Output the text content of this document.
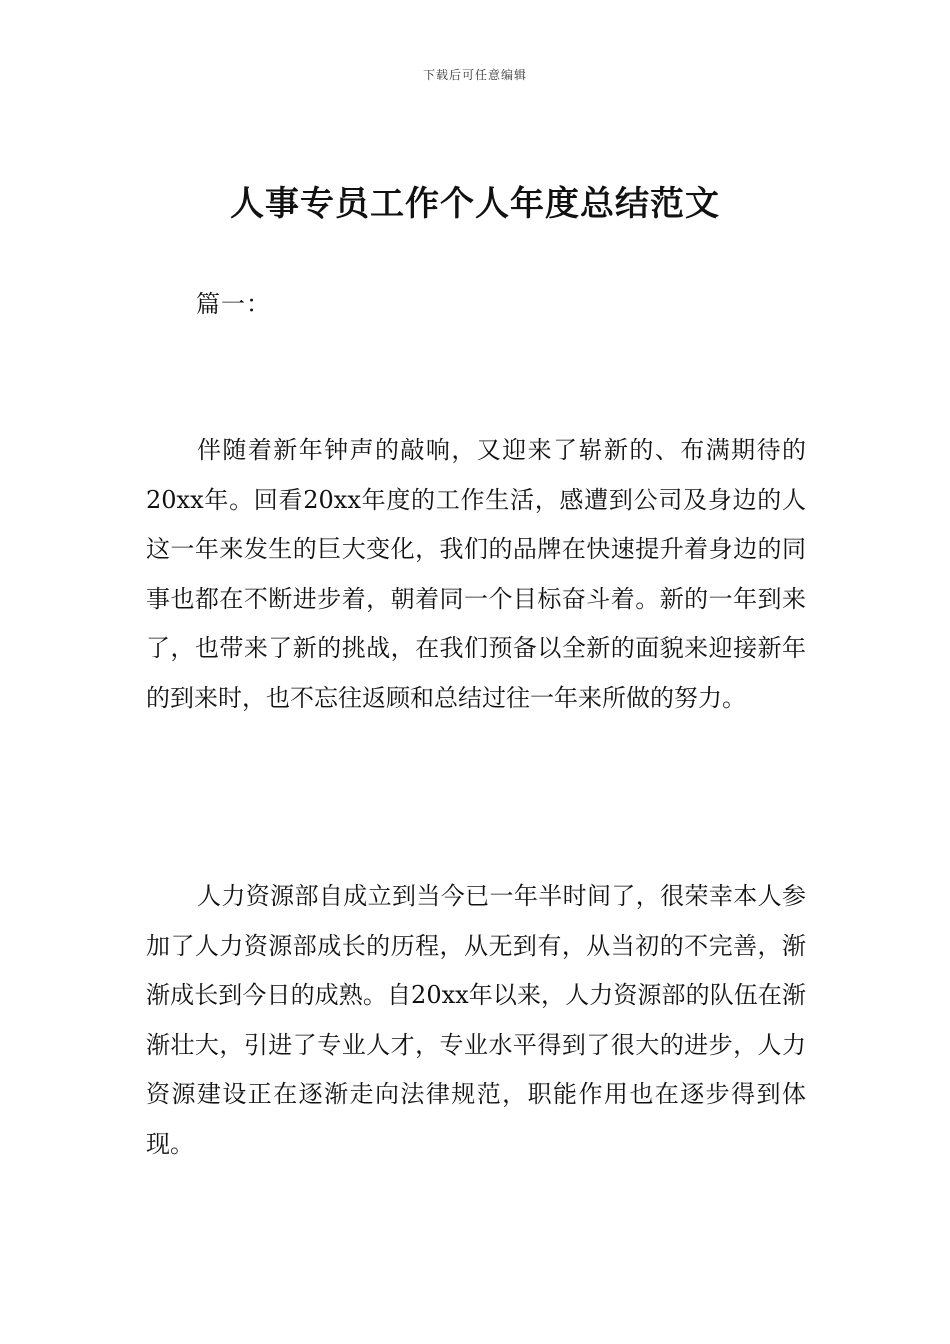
下载后可任意编辑
人事专员工作个人年度总结范文
篇一：

伴随着新年钟声的敲响，又迎来了崭新的、布满期待的20xx年。回看20xx年度的工作生活，感遭到公司及身边的人这一年来发生的巨大变化，我们的品牌在快速提升着身边的同事也都在不断进步着，朝着同一个目标奋斗着。新的一年到来了，也带来了新的挑战，在我们预备以全新的面貌来迎接新年的到来时，也不忘往返顾和总结过往一年来所做的努力。

人力资源部自成立到当今已一年半时间了，很荣幸本人参加了人力资源部成长的历程，从无到有，从当初的不完善，渐渐成长到今日的成熟。自20xx年以来，人力资源部的队伍在渐渐壮大，引进了专业人才，专业水平得到了很大的进步，人力资源建设正在逐渐走向法律规范，职能作用也在逐步得到体现。
